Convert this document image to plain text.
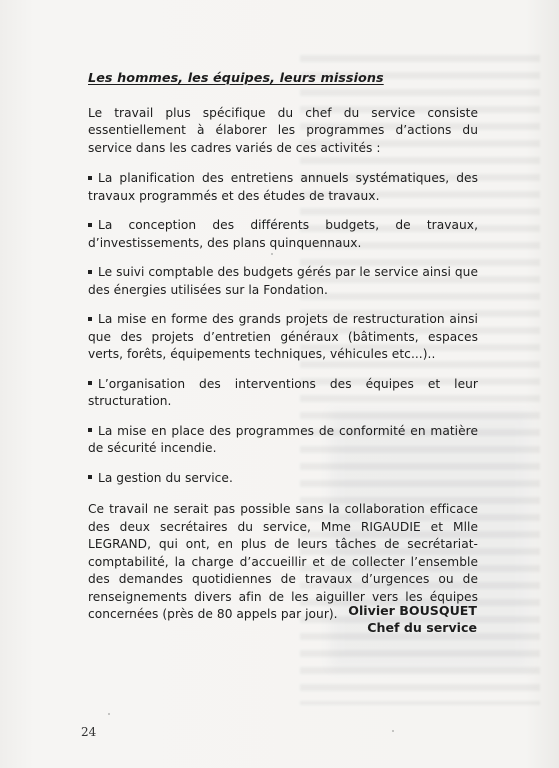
Les hommes, les équipes, leurs missions

Le travail plus spécifique du chef du service consiste essentiellement à élaborer les programmes d’actions du service dans les cadres variés de ces activités :

La planification des entretiens annuels systématiques, des travaux programmés et des études de travaux.

La conception des différents budgets, de travaux, d’investissements, des plans quinquennaux.

Le suivi comptable des budgets gérés par le service ainsi que des énergies utilisées sur la Fondation.

La mise en forme des grands projets de restructuration ainsi que des projets d’entretien généraux (bâtiments, espaces verts, forêts, équipements techniques, véhicules etc...)..

L’organisation des interventions des équipes et leur structuration.

La mise en place des programmes de conformité en matière de sécurité incendie.

La gestion du service.

Ce travail ne serait pas possible sans la collaboration efficace des deux secrétaires du service, Mme RIGAUDIE et Mlle LEGRAND, qui ont, en plus de leurs tâches de secrétariat-comptabilité, la charge d’accueillir et de collecter l’ensemble des demandes quotidiennes de travaux d’urgences ou de renseignements divers afin de les aiguiller vers les équipes concernées (près de 80 appels par jour). Olivier BOUSQUET
Chef du service
24
